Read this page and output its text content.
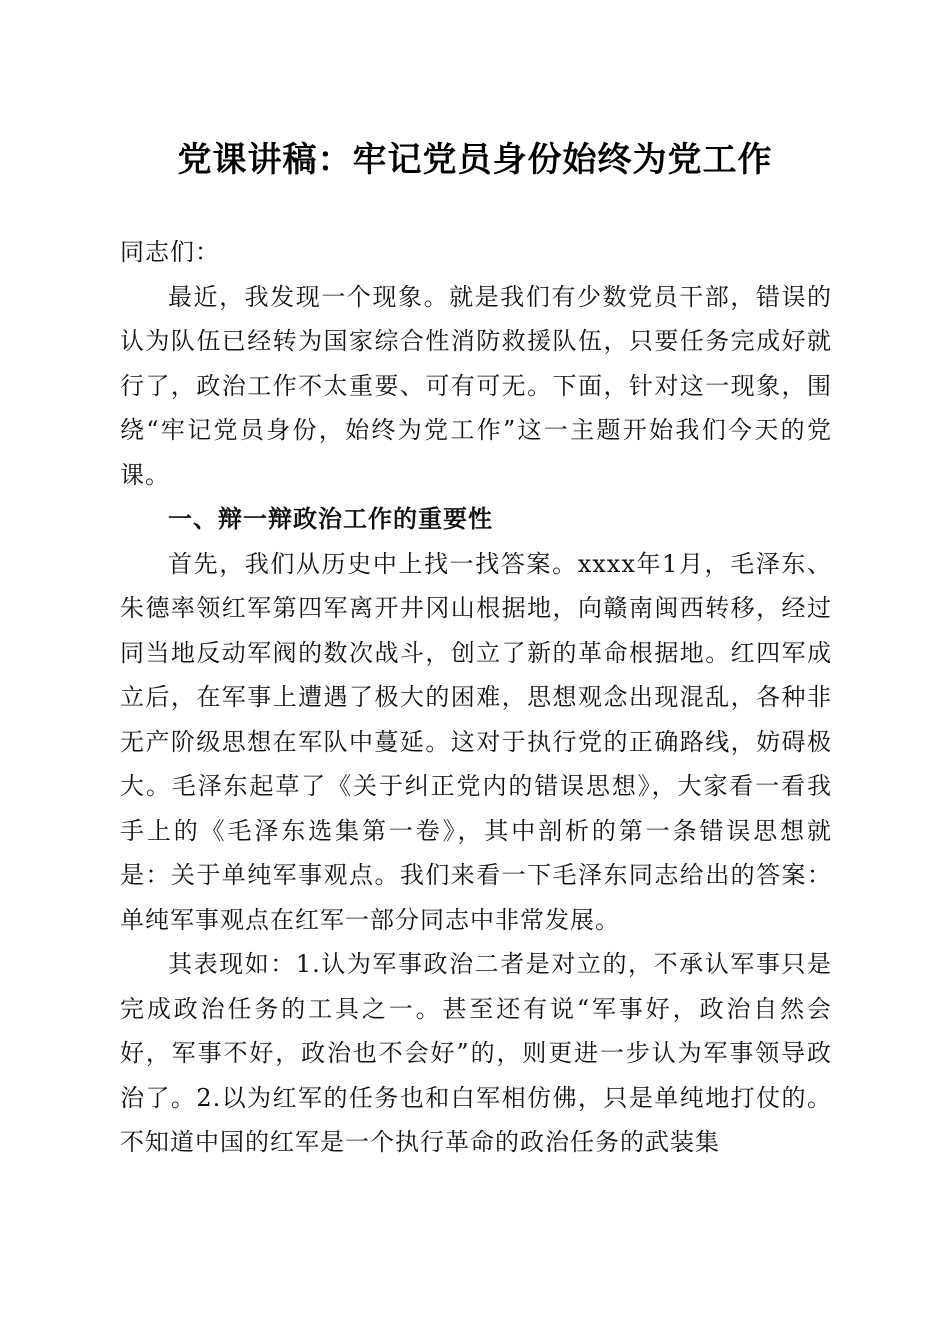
党课讲稿：牢记党员身份始终为党工作

同志们：

最近，我发现一个现象。就是我们有少数党员干部，错误的认为队伍已经转为国家综合性消防救援队伍，只要任务完成好就行了，政治工作不太重要、可有可无。下面，针对这一现象，围绕“牢记党员身份，始终为党工作”这一主题开始我们今天的党课。

一、辩一辩政治工作的重要性

首先，我们从历史中上找一找答案。xxxx年1月，毛泽东、朱德率领红军第四军离开井冈山根据地，向赣南闽西转移，经过同当地反动军阀的数次战斗，创立了新的革命根据地。红四军成立后，在军事上遭遇了极大的困难，思想观念出现混乱，各种非无产阶级思想在军队中蔓延。这对于执行党的正确路线，妨碍极大。毛泽东起草了《关于纠正党内的错误思想》，大家看一看我手上的《毛泽东选集第一卷》，其中剖析的第一条错误思想就是：关于单纯军事观点。我们来看一下毛泽东同志给出的答案：单纯军事观点在红军一部分同志中非常发展。

其表现如：1.认为军事政治二者是对立的，不承认军事只是完成政治任务的工具之一。甚至还有说“军事好，政治自然会好，军事不好，政治也不会好”的，则更进一步认为军事领导政治了。2.以为红军的任务也和白军相仿佛，只是单纯地打仗的。不知道中国的红军是一个执行革命的政治任务的武装集
